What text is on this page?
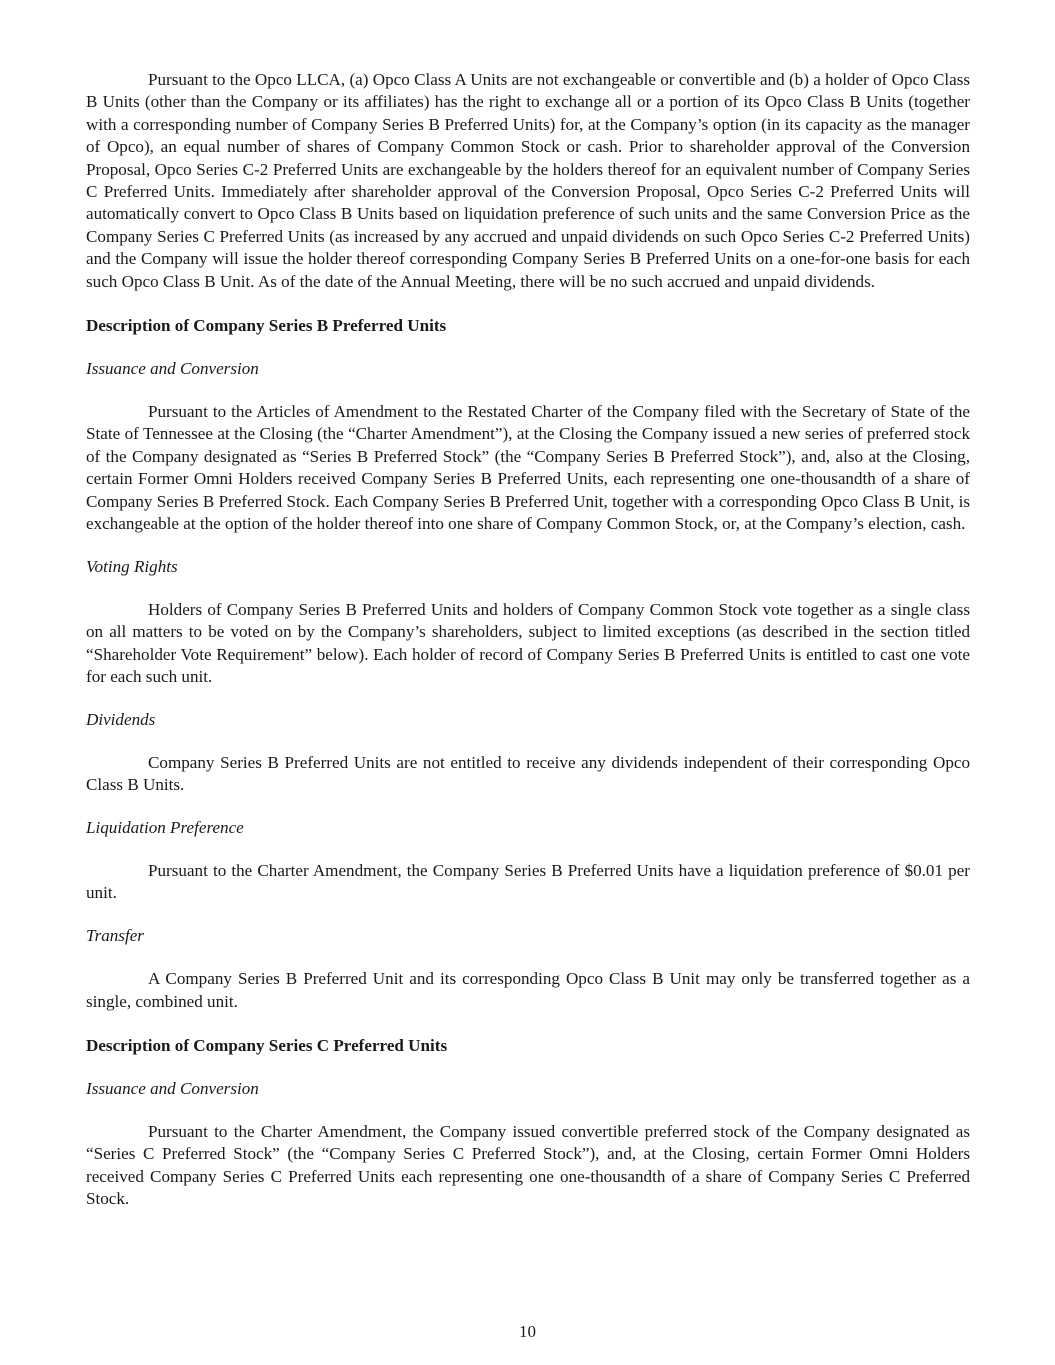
Pursuant to the Opco LLCA, (a) Opco Class A Units are not exchangeable or convertible and (b) a holder of Opco Class B Units (other than the Company or its affiliates) has the right to exchange all or a portion of its Opco Class B Units (together with a corresponding number of Company Series B Preferred Units) for, at the Company’s option (in its capacity as the manager of Opco), an equal number of shares of Company Common Stock or cash. Prior to shareholder approval of the Conversion Proposal, Opco Series C-2 Preferred Units are exchangeable by the holders thereof for an equivalent number of Company Series C Preferred Units. Immediately after shareholder approval of the Conversion Proposal, Opco Series C-2 Preferred Units will automatically convert to Opco Class B Units based on liquidation preference of such units and the same Conversion Price as the Company Series C Preferred Units (as increased by any accrued and unpaid dividends on such Opco Series C-2 Preferred Units) and the Company will issue the holder thereof corresponding Company Series B Preferred Units on a one-for-one basis for each such Opco Class B Unit. As of the date of the Annual Meeting, there will be no such accrued and unpaid dividends.

Description of Company Series B Preferred Units

Issuance and Conversion

Pursuant to the Articles of Amendment to the Restated Charter of the Company filed with the Secretary of State of the State of Tennessee at the Closing (the “Charter Amendment”), at the Closing the Company issued a new series of preferred stock of the Company designated as “Series B Preferred Stock” (the “Company Series B Preferred Stock”), and, also at the Closing, certain Former Omni Holders received Company Series B Preferred Units, each representing one one-thousandth of a share of Company Series B Preferred Stock. Each Company Series B Preferred Unit, together with a corresponding Opco Class B Unit, is exchangeable at the option of the holder thereof into one share of Company Common Stock, or, at the Company’s election, cash.

Voting Rights

Holders of Company Series B Preferred Units and holders of Company Common Stock vote together as a single class on all matters to be voted on by the Company’s shareholders, subject to limited exceptions (as described in the section titled “Shareholder Vote Requirement” below). Each holder of record of Company Series B Preferred Units is entitled to cast one vote for each such unit.

Dividends

Company Series B Preferred Units are not entitled to receive any dividends independent of their corresponding Opco Class B Units.

Liquidation Preference

Pursuant to the Charter Amendment, the Company Series B Preferred Units have a liquidation preference of $0.01 per unit.

Transfer

A Company Series B Preferred Unit and its corresponding Opco Class B Unit may only be transferred together as a single, combined unit.

Description of Company Series C Preferred Units

Issuance and Conversion

Pursuant to the Charter Amendment, the Company issued convertible preferred stock of the Company designated as “Series C Preferred Stock” (the “Company Series C Preferred Stock”), and, at the Closing, certain Former Omni Holders received Company Series C Preferred Units each representing one one-thousandth of a share of Company Series C Preferred Stock.

10
